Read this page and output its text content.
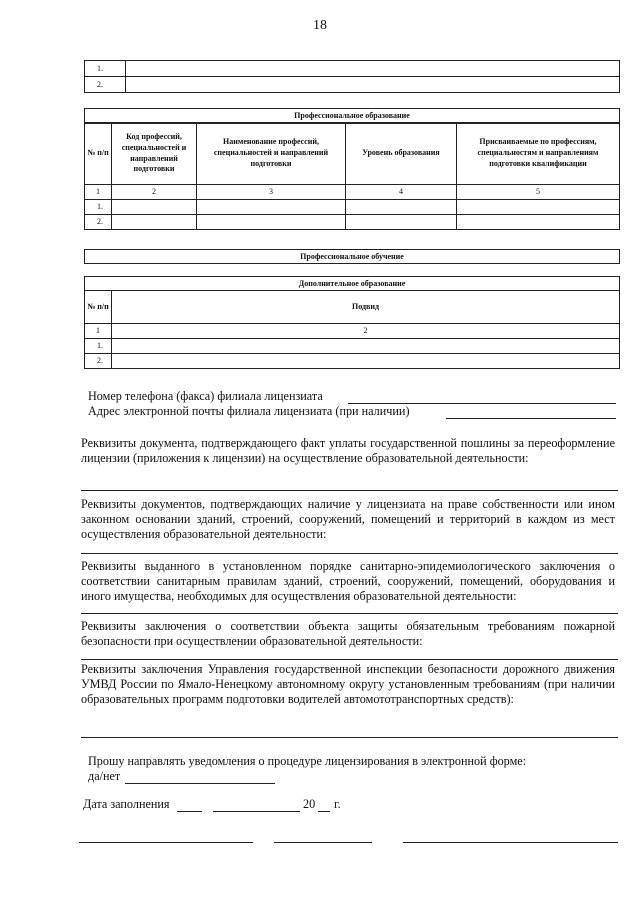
18
1.	
2.	
Профессиональное образование
№ п/п	Код профессий, специальностей и направлений подготовки	Наименование профессий, специальностей и направлений подготовки	Уровень образования	Присваиваемые по профессиям, специальностям и направлениям подготовки квалификации
1	2	3	4	5
1.				
2.				
Профессиональное обучение
Дополнительное образование
№ п/п	Подвид
1	2
1.	
2.	
Номер телефона (факса) филиала лицензиата
Адрес электронной почты филиала лицензиата (при наличии)
Реквизиты документа, подтверждающего факт уплаты государственной пошлины за переоформление лицензии (приложения к лицензии) на осуществление образовательной деятельности:
Реквизиты документов, подтверждающих наличие у лицензиата на праве собственности или ином законном основании зданий, строений, сооружений, помещений и территорий в каждом из мест осуществления образовательной деятельности:
Реквизиты выданного в установленном порядке санитарно-эпидемиологического заключения о соответствии санитарным правилам зданий, строений, сооружений, помещений, оборудования и иного имущества, необходимых для осуществления образовательной деятельности:
Реквизиты заключения о соответствии объекта защиты обязательным требованиям пожарной безопасности при осуществлении образовательной деятельности:
Реквизиты заключения Управления государственной инспекции безопасности дорожного движения УМВД России по Ямало-Ненецкому автономному округу установленным требованиям (при наличии образовательных программ подготовки водителей автомототранспортных средств):
Прошу направлять уведомления о процедуре лицензирования в электронной форме:
да/нет
Дата заполнения	20 г.
